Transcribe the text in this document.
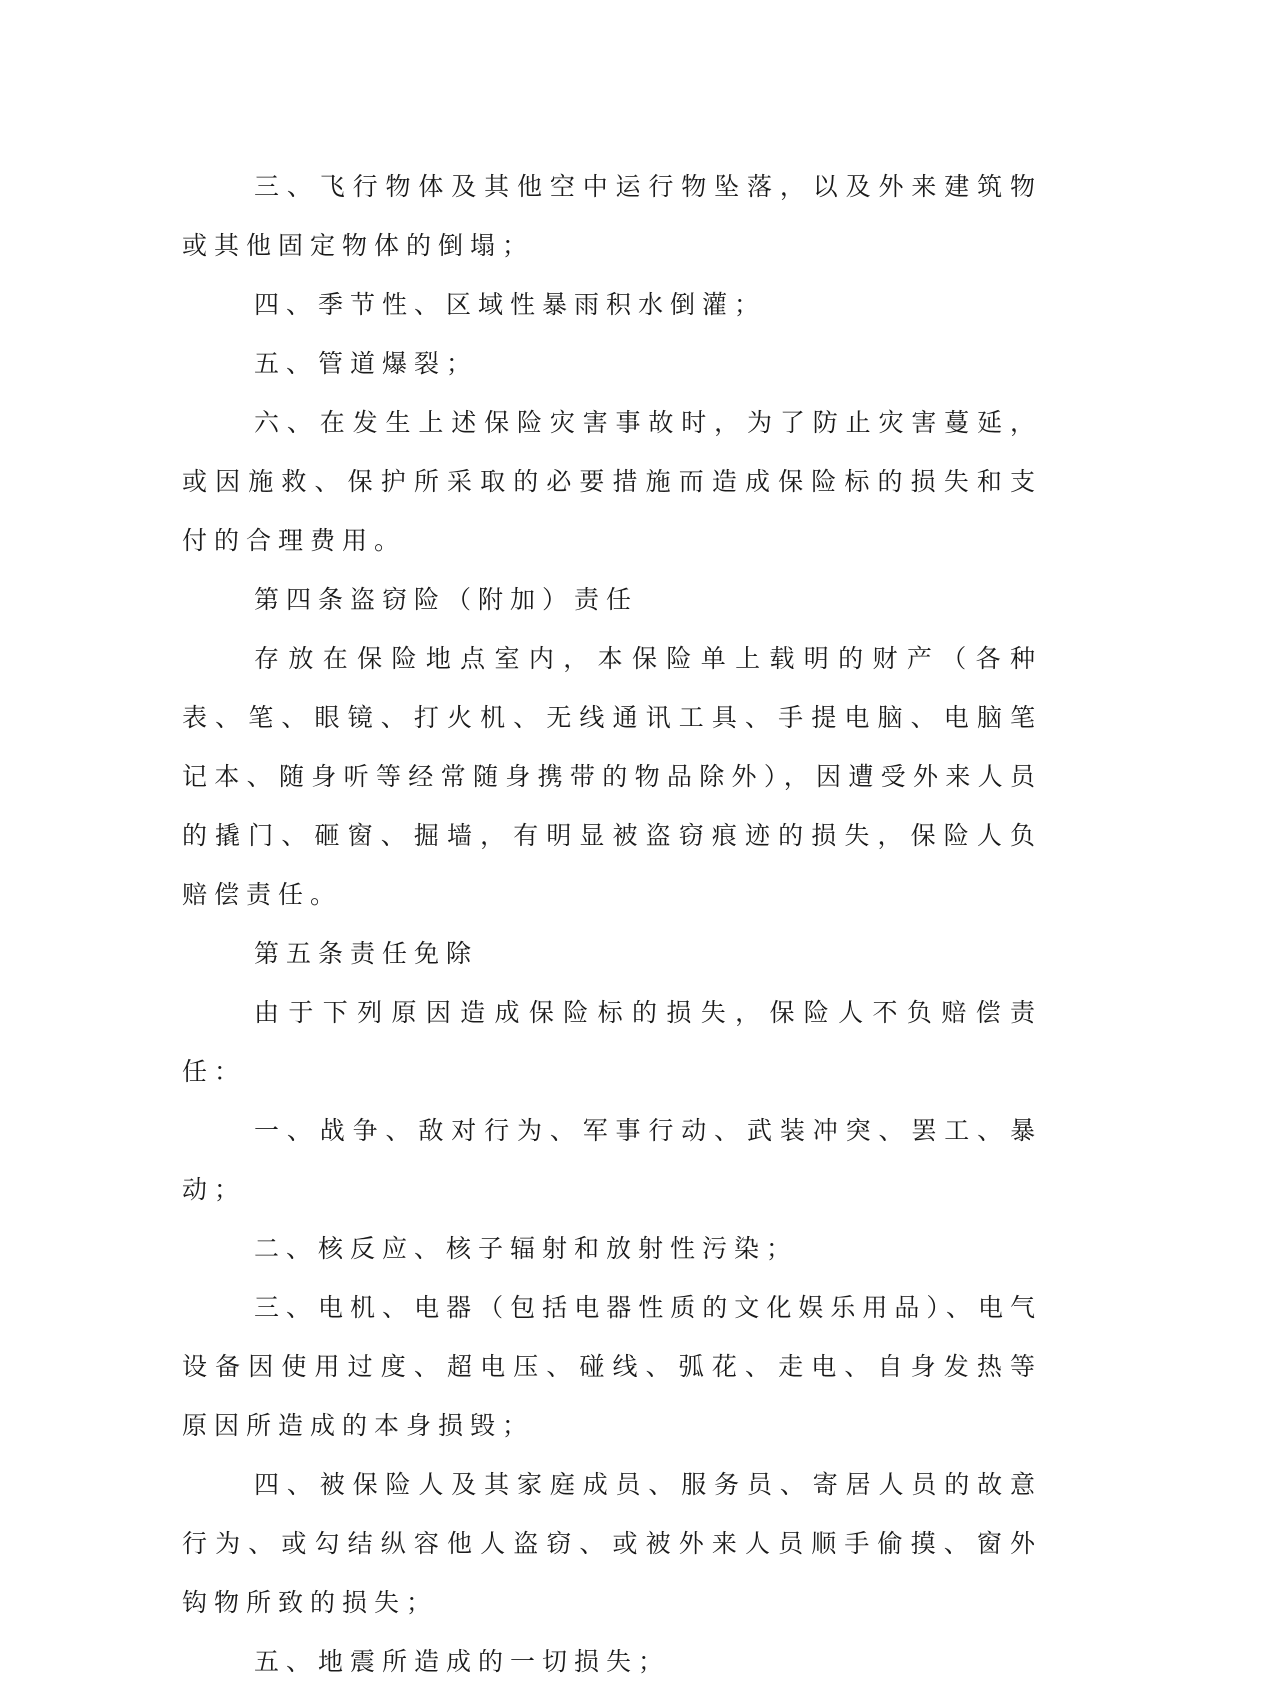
三、飞行物体及其他空中运行物坠落，以及外来建筑物或其他固定物体的倒塌；

四、季节性、区域性暴雨积水倒灌；

五、管道爆裂；

六、在发生上述保险灾害事故时，为了防止灾害蔓延，或因施救、保护所采取的必要措施而造成保险标的损失和支付的合理费用。

第四条盗窃险（附加）责任

存放在保险地点室内，本保险单上载明的财产（各种表、笔、眼镜、打火机、无线通讯工具、手提电脑、电脑笔记本、随身听等经常随身携带的物品除外），因遭受外来人员的撬门、砸窗、掘墙，有明显被盗窃痕迹的损失，保险人负赔偿责任。

第五条责任免除

由于下列原因造成保险标的损失，保险人不负赔偿责任：

一、战争、敌对行为、军事行动、武装冲突、罢工、暴动；

二、核反应、核子辐射和放射性污染；

三、电机、电器（包括电器性质的文化娱乐用品）、电气设备因使用过度、超电压、碰线、弧花、走电、自身发热等原因所造成的本身损毁；

四、被保险人及其家庭成员、服务员、寄居人员的故意行为、或勾结纵容他人盗窃、或被外来人员顺手偷摸、窗外钩物所致的损失；

五、地震所造成的一切损失；
